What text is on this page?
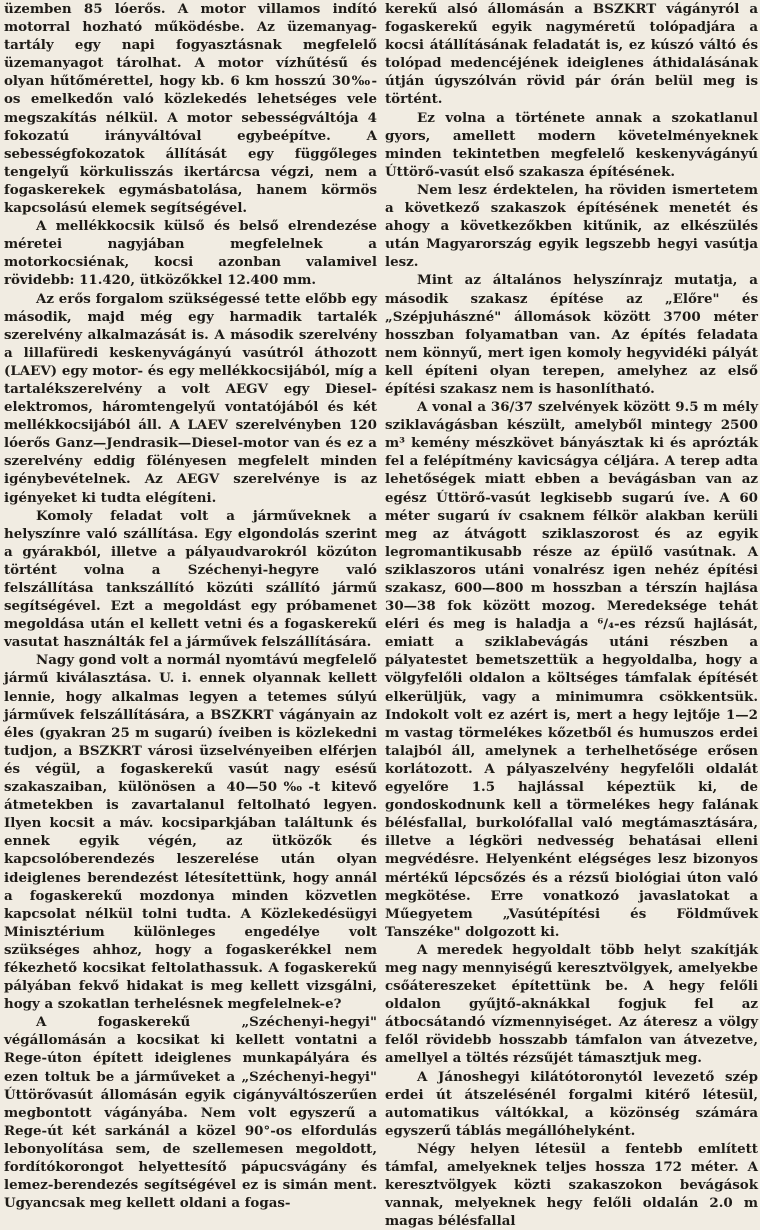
üzemben 85 lóerős. A motor villamos indító motorral hozható működésbe. Az üzemanyag-tartály egy napi fogyasztásnak megfelelő üzemanyagot tárolhat. A motor vízhűtésű és olyan hűtőmérettel, hogy kb. 6 km hosszú 30‰-os emelkedőn való közlekedés lehetséges vele megszakítás nélkül. A motor sebességváltója 4 fokozatú irányváltóval egybeépítve. A sebességfokozatok állítását egy függőleges tengelyű körkulisszás ikertárcsa végzi, nem a fogaskerekek egymásbatolása, hanem körmös kapcsolású elemek segítségével.

A mellékkocsik külső és belső elrendezése méretei nagyjában megfelelnek a motorkocsiénak, kocsi azonban valamivel rövidebb: 11.420, ütközőkkel 12.400 mm.

Az erős forgalom szükségessé tette előbb egy második, majd még egy harmadik tartalék szerelvény alkalmazását is. A második szerelvény a lillafüredi keskenyvágányú vasútról áthozott (LAEV) egy motor- és egy mellékkocsijából, míg a tartalékszerelvény a volt AEGV egy Diesel-elektromos, háromtengelyű vontatójából és két mellékkocsijából áll. A LAEV szerelvényben 120 lóerős Ganz—Jendrasik—Diesel-motor van és ez a szerelvény eddig fölényesen megfelelt minden igénybevételnek. Az AEGV szerelvénye is az igényeket ki tudta elégíteni.

Komoly feladat volt a járműveknek a helyszínre való szállítása. Egy elgondolás szerint a gyárakból, illetve a pályaudvarokról közúton történt volna a Széchenyi-hegyre való felszállítása tankszállító közúti szállító jármű segítségével. Ezt a megoldást egy próbamenet megoldása után el kellett vetni és a fogaskerekű vasutat használták fel a járművek felszállítására.

Nagy gond volt a normál nyomtávú megfelelő jármű kiválasztása. U. i. ennek olyannak kellett lennie, hogy alkalmas legyen a tetemes súlyú járművek felszállítására, a BSZKRT vágányain az éles (gyakran 25 m sugarú) íveiben is közlekedni tudjon, a BSZKRT városi üzselvényeiben elférjen és végül, a fogaskerekű vasút nagy esésű szakaszaiban, különösen a 40—50‰-t kitevő átmetekben is zavartalanul feltolható legyen. Ilyen kocsit a máv. kocsiparkjában találtunk és ennek egyik végén, az ütközők és kapcsolóberendezés leszerelése után olyan ideiglenes berendezést létesítettünk, hogy annál a fogaskerekű mozdonya minden közvetlen kapcsolat nélkül tolni tudta. A Közlekedésügyi Minisztérium különleges engedélye volt szükséges ahhoz, hogy a fogaskerékkel nem fékezhető kocsikat feltolathassuk. A fogaskerekű pályában fekvő hidakat is meg kellett vizsgálni, hogy a szokatlan terhelésnek megfelelnek-e?

A fogaskerekű „Széchenyi-hegyi" végállomásán a kocsikat ki kellett vontatni a Rege-úton épített ideiglenes munkapályára és ezen toltuk be a járműveket a „Széchenyi-hegyi" Úttörővasút állomásán egyik cigányváltószerűen megbontott vágányába. Nem volt egyszerű a Rege-út két sarkánál a közel 90°-os elfordulás lebonyolítása sem, de szellemesen megoldott, fordítókorongot helyettesítő pápucsvágány és lemez-berendezés segítségével ez is simán ment. Ugyancsak meg kellett oldani a fogas-

kerekű alsó állomásán a BSZKRT vágányról a fogaskerekű egyik nagyméretű tolópadjára a kocsi átállításának feladatát is, ez kúszó váltó és tolópad medencéjének ideiglenes áthidalásának útján úgyszólván rövid pár órán belül meg is történt.

Ez volna a története annak a szokatlanul gyors, amellett modern követelményeknek minden tekintetben megfelelő keskenyvágányú Úttörő-vasút első szakasza építésének.

Nem lesz érdektelen, ha röviden ismertetem a következő szakaszok építésének menetét és ahogy a következőkben kitűnik, az elkészülés után Magyarország egyik legszebb hegyi vasútja lesz.

Mint az általános helyszínrajz mutatja, a második szakasz építése az „Előre" és „Szépjuhászné" állomások között 3700 méter hosszban folyamatban van. Az építés feladata nem könnyű, mert igen komoly hegyvidéki pályát kell építeni olyan terepen, amelyhez az első építési szakasz nem is hasonlítható.

A vonal a 36/37 szelvények között 9.5 m mély sziklavágásban készült, amelyből mintegy 2500 m³ kemény mészkövet bányásztak ki és aprózták fel a felépítmény kavicságya céljára. A terep adta lehetőségek miatt ebben a bevágásban van az egész Úttörő-vasút legkisebb sugarú íve. A 60 méter sugarú ív csaknem félkör alakban kerüli meg az átvágott sziklaszorost és az egyik legromantikusabb része az épülő vasútnak. A sziklaszoros utáni vonalrész igen nehéz építési szakasz, 600—800 m hosszban a térszín hajlása 30—38 fok között mozog. Meredeksége tehát eléri és meg is haladja a ⁶/₄-es rézsű hajlását, emiatt a sziklabevágás utáni részben a pályatestet bemetszettük a hegyoldalba, hogy a völgyfelőli oldalon a költséges támfalak építését elkerüljük, vagy a minimumra csökkentsük. Indokolt volt ez azért is, mert a hegy lejtője 1—2 m vastag törmelékes kőzetből és humuszos erdei talajból áll, amelynek a terhelhetősége erősen korlátozott. A pályaszelvény hegyfelőli oldalát egyelőre 1.5 hajlással képeztük ki, de gondoskodnunk kell a törmelékes hegy falának bélésfallal, burkolófallal való megtámasztására, illetve a légköri nedvesség behatásai elleni megvédésre. Helyenként elégséges lesz bizonyos mértékű lépcsőzés és a rézsű biológiai úton való megkötése. Erre vonatkozó javaslatokat a Műegyetem „Vasútépítési és Földművek Tanszéke" dolgozott ki.

A meredek hegyoldalt több helyt szakítják meg nagy mennyiségű keresztvölgyek, amelyekbe csőátereszeket építettünk be. A hegy felőli oldalon gyűjtő-aknákkal fogjuk fel az átbocsátandó vízmennyiséget. Az áteresz a völgy felől rövidebb hosszabb támfalon van átvezetve, amellyel a töltés rézsűjét támasztjuk meg.

A Jánoshegyi kilátótoronytól levezető szép erdei út átszelésénél forgalmi kitérő létesül, automatikus váltókkal, a közönség számára egyszerű táblás megállóhelyként.

Négy helyen létesül a fentebb említett támfal, amelyeknek teljes hossza 172 méter. A keresztvölgyek közti szakaszokon bevágások vannak, melyeknek hegy felőli oldalán 2.0 m magas bélésfallal
